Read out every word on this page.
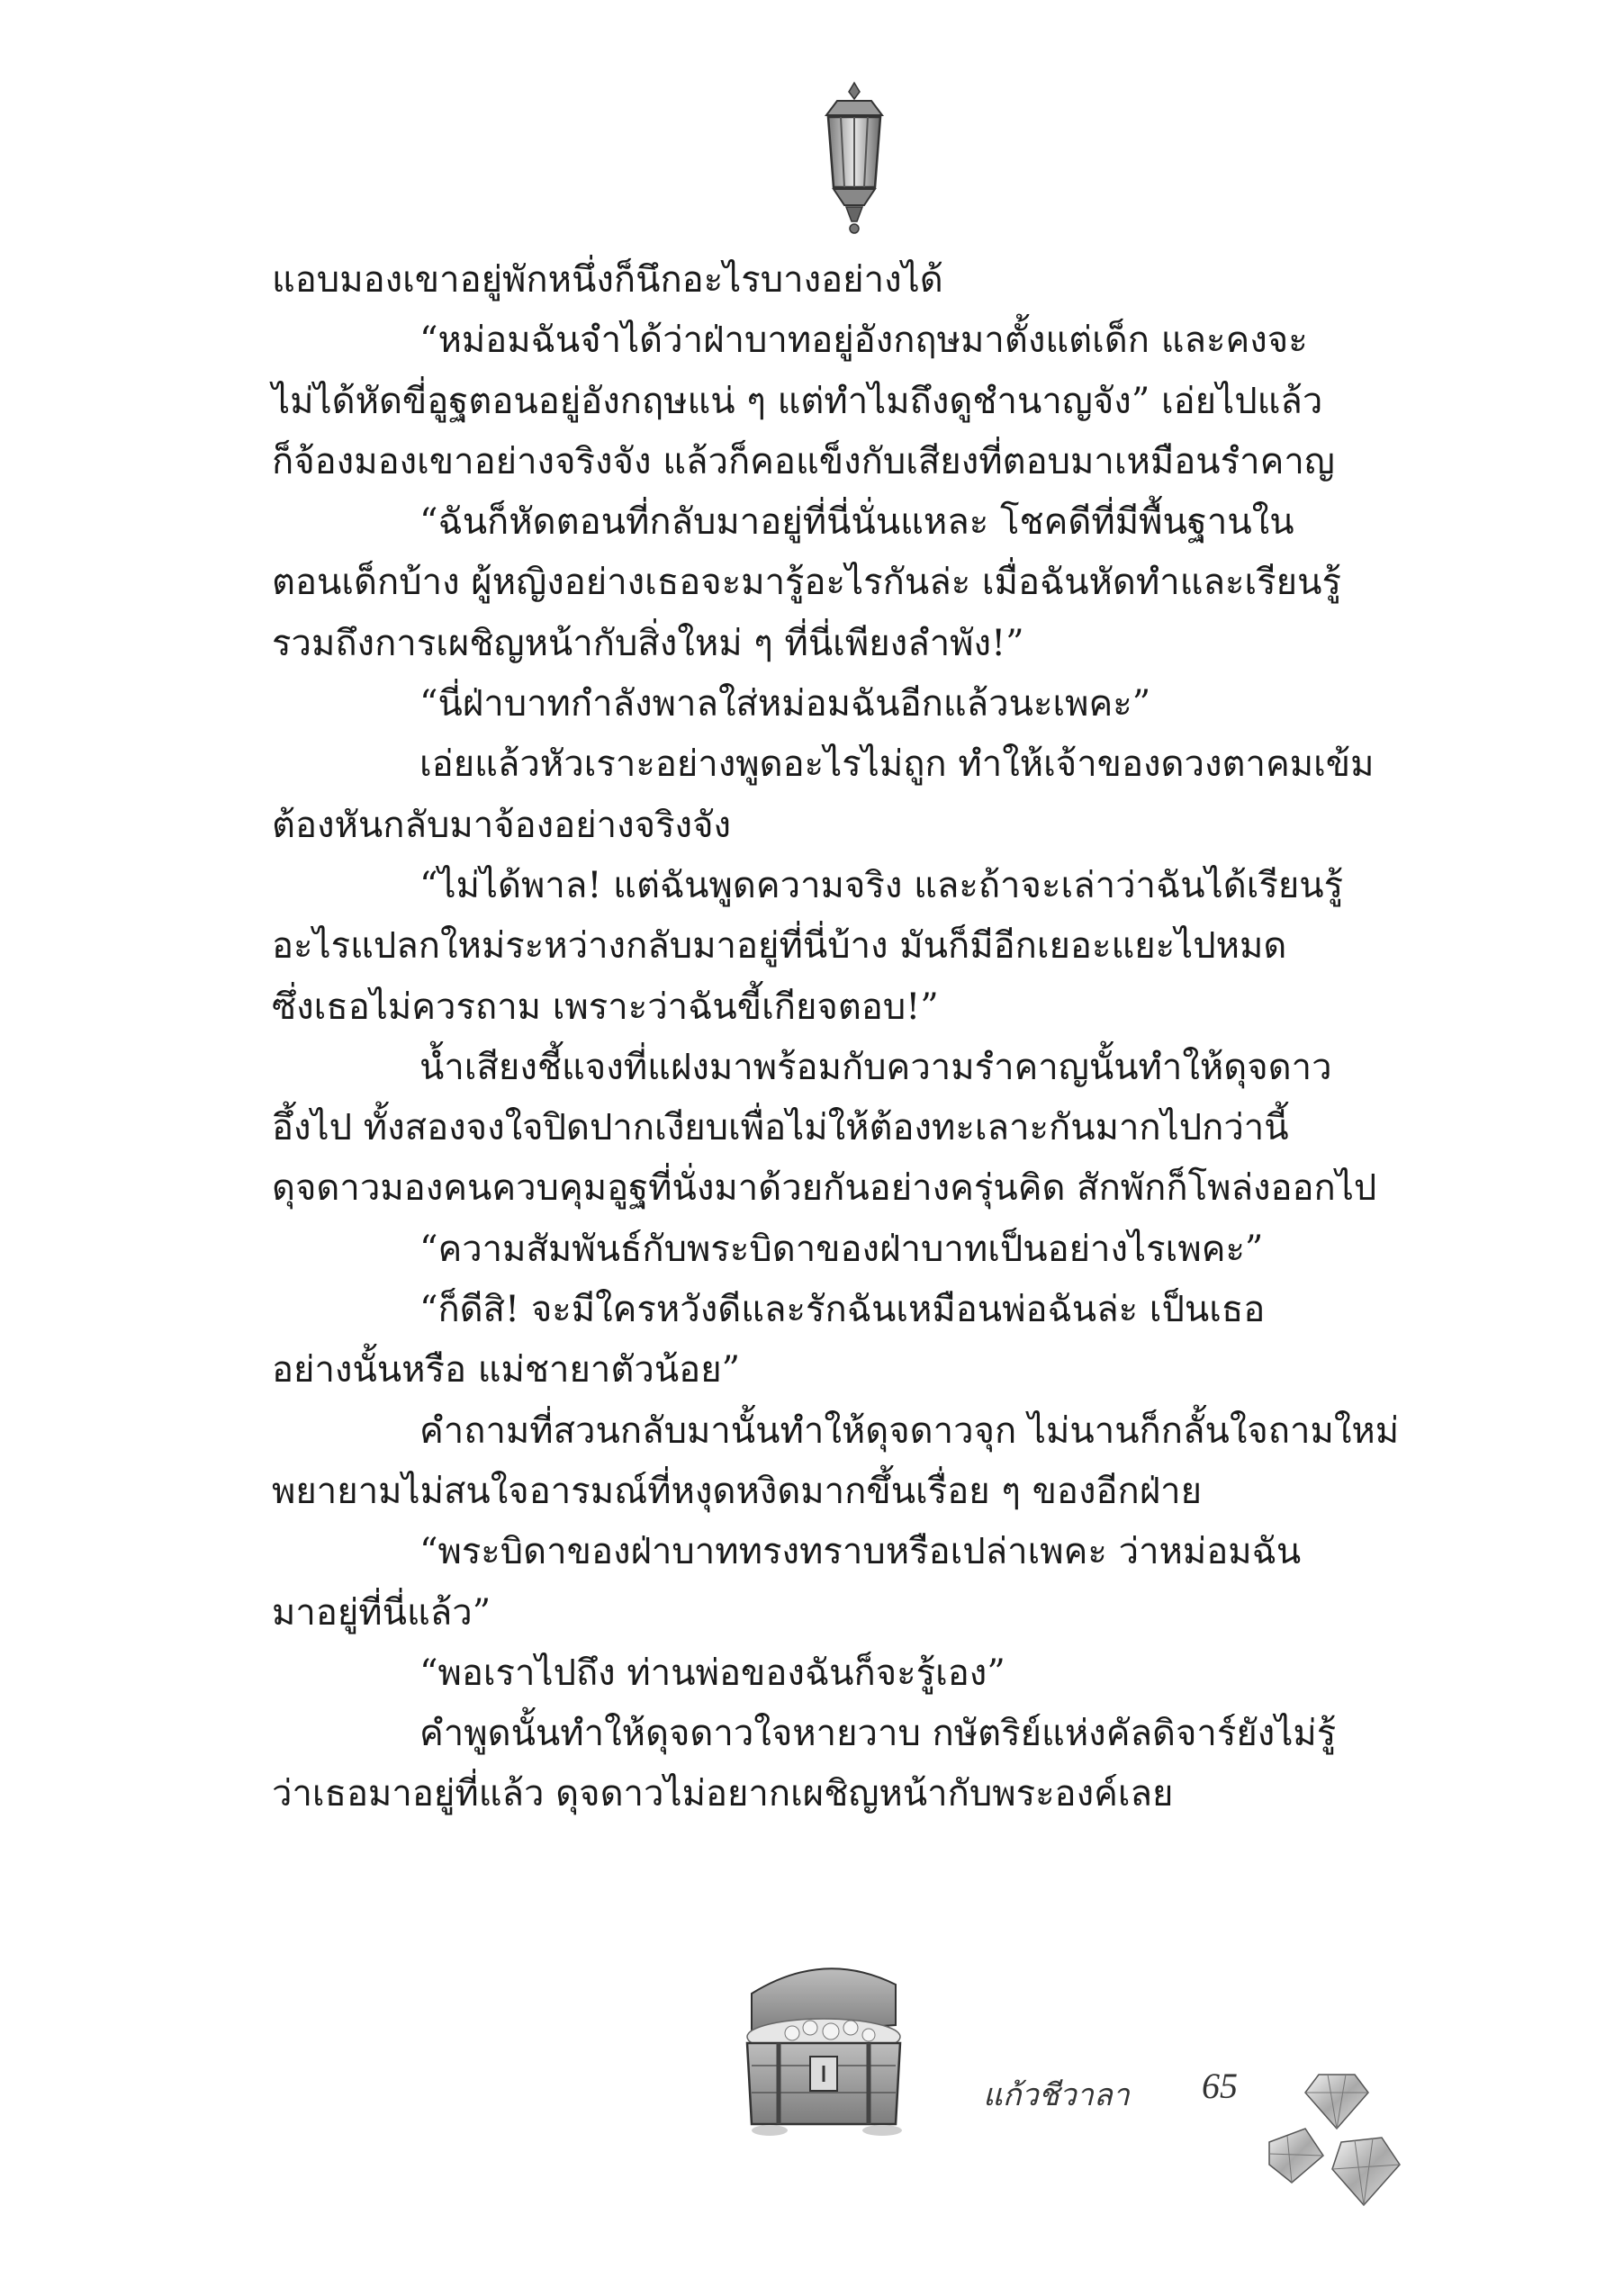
แอบมองเขาอยู่พักหนึ่งก็นึกอะไรบางอย่างได้
“หม่อมฉันจำได้ว่าฝ่าบาทอยู่อังกฤษมาตั้งแต่เด็ก และคงจะ
ไม่ได้หัดขี่อูฐตอนอยู่อังกฤษแน่ ๆ แต่ทำไมถึงดูชำนาญจัง” เอ่ยไปแล้ว
ก็จ้องมองเขาอย่างจริงจัง แล้วก็คอแข็งกับเสียงที่ตอบมาเหมือนรำคาญ
“ฉันก็หัดตอนที่กลับมาอยู่ที่นี่นั่นแหละ โชคดีที่มีพื้นฐานใน
ตอนเด็กบ้าง ผู้หญิงอย่างเธอจะมารู้อะไรกันล่ะ เมื่อฉันหัดทำและเรียนรู้
รวมถึงการเผชิญหน้ากับสิ่งใหม่ ๆ ที่นี่เพียงลำพัง!”
“นี่ฝ่าบาทกำลังพาลใส่หม่อมฉันอีกแล้วนะเพคะ”
เอ่ยแล้วหัวเราะอย่างพูดอะไรไม่ถูก ทำให้เจ้าของดวงตาคมเข้ม
ต้องหันกลับมาจ้องอย่างจริงจัง
“ไม่ได้พาล! แต่ฉันพูดความจริง และถ้าจะเล่าว่าฉันได้เรียนรู้
อะไรแปลกใหม่ระหว่างกลับมาอยู่ที่นี่บ้าง มันก็มีอีกเยอะแยะไปหมด
ซึ่งเธอไม่ควรถาม เพราะว่าฉันขี้เกียจตอบ!”
น้ำเสียงชี้แจงที่แฝงมาพร้อมกับความรำคาญนั้นทำให้ดุจดาว
อึ้งไป ทั้งสองจงใจปิดปากเงียบเพื่อไม่ให้ต้องทะเลาะกันมากไปกว่านี้
ดุจดาวมองคนควบคุมอูฐที่นั่งมาด้วยกันอย่างครุ่นคิด สักพักก็โพล่งออกไป
“ความสัมพันธ์กับพระบิดาของฝ่าบาทเป็นอย่างไรเพคะ”
“ก็ดีสิ! จะมีใครหวังดีและรักฉันเหมือนพ่อฉันล่ะ เป็นเธอ
อย่างนั้นหรือ แม่ชายาตัวน้อย”
คำถามที่สวนกลับมานั้นทำให้ดุจดาวจุก ไม่นานก็กลั้นใจถามใหม่
พยายามไม่สนใจอารมณ์ที่หงุดหงิดมากขึ้นเรื่อย ๆ ของอีกฝ่าย
“พระบิดาของฝ่าบาททรงทราบหรือเปล่าเพคะ ว่าหม่อมฉัน
มาอยู่ที่นี่แล้ว”
“พอเราไปถึง ท่านพ่อของฉันก็จะรู้เอง”
คำพูดนั้นทำให้ดุจดาวใจหายวาบ กษัตริย์แห่งคัลดิจาร์ยังไม่รู้
ว่าเธอมาอยู่ที่แล้ว ดุจดาวไม่อยากเผชิญหน้ากับพระองค์เลย
แก้วชีวาลา 65
